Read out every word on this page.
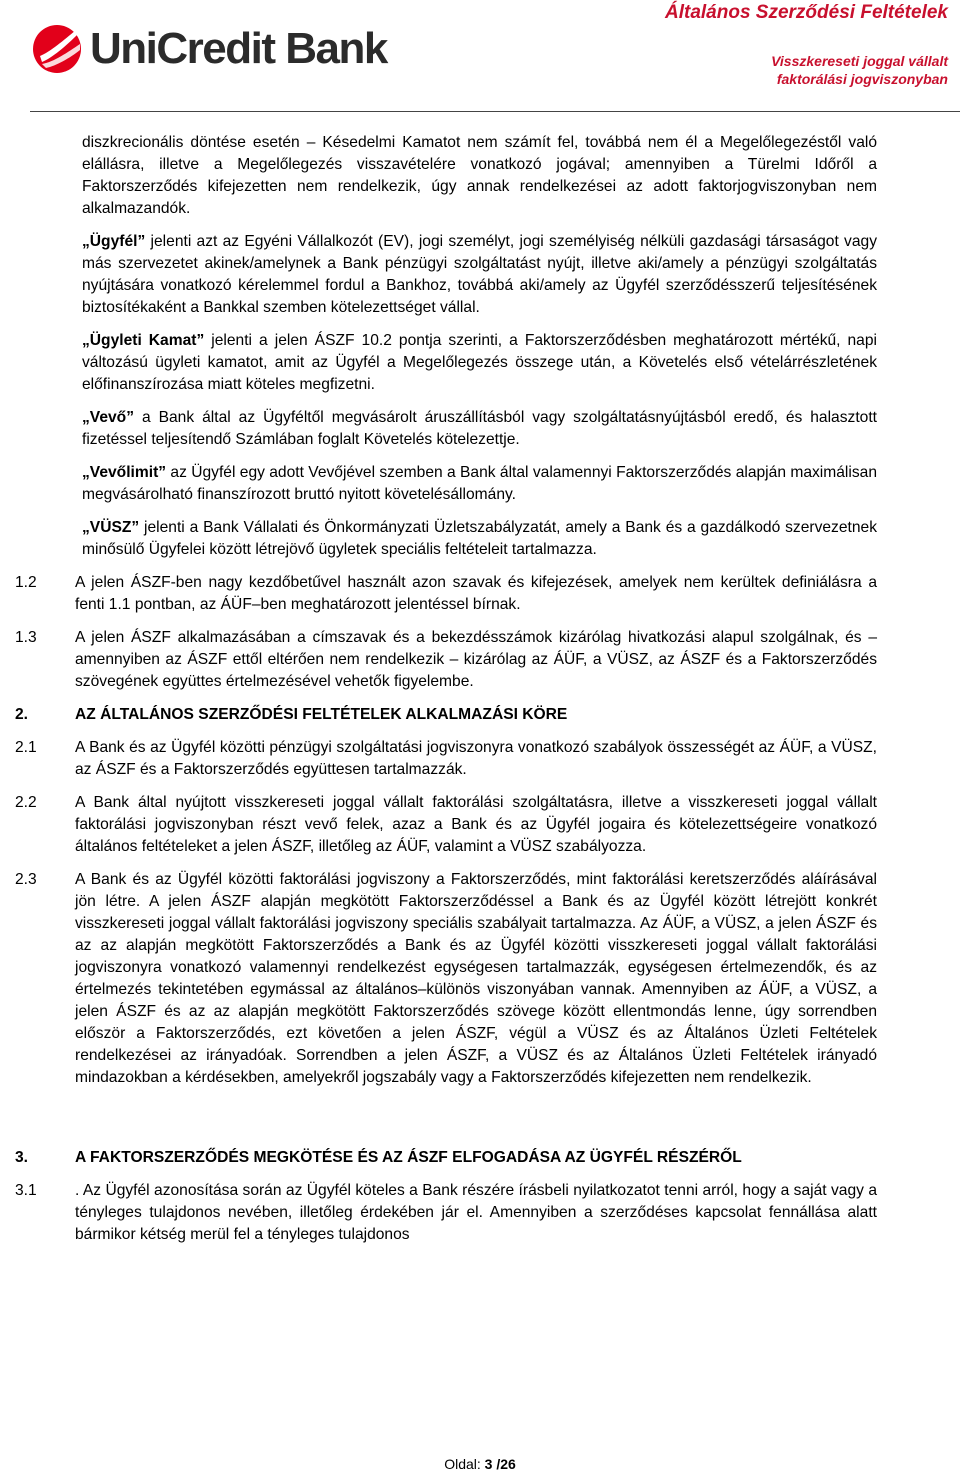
UniCredit Bank
Általános Szerződési Feltételek
Visszkereseti joggal vállalt
faktorálási jogviszonyban

diszkrecionális döntése esetén – Késedelmi Kamatot nem számít fel, továbbá nem él a Megelőlegezéstől való elállásra, illetve a Megelőlegezés visszavételére vonatkozó jogával; amennyiben a Türelmi Időről a Faktorszerződés kifejezetten nem rendelkezik, úgy annak rendelkezései az adott faktorjogviszonyban nem alkalmazandók.

„Ügyfél” jelenti azt az Egyéni Vállalkozót (EV), jogi személyt, jogi személyiség nélküli gazdasági társaságot vagy más szervezetet akinek/amelynek a Bank pénzügyi szolgáltatást nyújt, illetve aki/amely a pénzügyi szolgáltatás nyújtására vonatkozó kérelemmel fordul a Bankhoz, továbbá aki/amely az Ügyfél szerződésszerű teljesítésének biztosítékaként a Bankkal szemben kötelezettséget vállal.

„Ügyleti Kamat” jelenti a jelen ÁSZF 10.2 pontja szerinti, a Faktorszerződésben meghatározott mértékű, napi változású ügyleti kamatot, amit az Ügyfél a Megelőlegezés összege után, a Követelés első vételárrészletének előfinanszírozása miatt köteles megfizetni.

„Vevő” a Bank által az Ügyféltől megvásárolt áruszállításból vagy szolgáltatásnyújtásból eredő, és halasztott fizetéssel teljesítendő Számlában foglalt Követelés kötelezettje.

„Vevőlimit” az Ügyfél egy adott Vevőjével szemben a Bank által valamennyi Faktorszerződés alapján maximálisan megvásárolható finanszírozott bruttó nyitott követelésállomány.

„VÜSZ” jelenti a Bank Vállalati és Önkormányzati Üzletszabályzatát, amely a Bank és a gazdálkodó szervezetnek minősülő Ügyfelei között létrejövő ügyletek speciális feltételeit tartalmazza.

1.2 A jelen ÁSZF-ben nagy kezdőbetűvel használt azon szavak és kifejezések, amelyek nem kerültek definiálásra a fenti 1.1 pontban, az ÁÜF–ben meghatározott jelentéssel bírnak.

1.3 A jelen ÁSZF alkalmazásában a címszavak és a bekezdésszámok kizárólag hivatkozási alapul szolgálnak, és – amennyiben az ÁSZF ettől eltérően nem rendelkezik – kizárólag az ÁÜF, a VÜSZ, az ÁSZF és a Faktorszerződés szövegének együttes értelmezésével vehetők figyelembe.

2.	AZ ÁLTALÁNOS SZERZŐDÉSI FELTÉTELEK ALKALMAZÁSI KÖRE

2.1 A Bank és az Ügyfél közötti pénzügyi szolgáltatási jogviszonyra vonatkozó szabályok összességét az ÁÜF, a VÜSZ, az ÁSZF és a Faktorszerződés együttesen tartalmazzák.

2.2 A Bank által nyújtott visszkereseti joggal vállalt faktorálási szolgáltatásra, illetve a visszkereseti joggal vállalt faktorálási jogviszonyban részt vevő felek, azaz a Bank és az Ügyfél jogaira és kötelezettségeire vonatkozó általános feltételeket a jelen ÁSZF, illetőleg az ÁÜF, valamint a VÜSZ szabályozza.

2.3 A Bank és az Ügyfél közötti faktorálási jogviszony a Faktorszerződés, mint faktorálási keretszerződés aláírásával jön létre. A jelen ÁSZF alapján megkötött Faktorszerződéssel a Bank és az Ügyfél között létrejött konkrét visszkereseti joggal vállalt faktorálási jogviszony speciális szabályait tartalmazza. Az ÁÜF, a VÜSZ, a jelen ÁSZF és az az alapján megkötött Faktorszerződés a Bank és az Ügyfél közötti visszkereseti joggal vállalt faktorálási jogviszonyra vonatkozó valamennyi rendelkezést egységesen tartalmazzák, egységesen értelmezendők, és az értelmezés tekintetében egymással az általános–különös viszonyában vannak. Amennyiben az ÁÜF, a VÜSZ, a jelen ÁSZF és az az alapján megkötött Faktorszerződés szövege között ellentmondás lenne, úgy sorrendben először a Faktorszerződés, ezt követően a jelen ÁSZF, végül a VÜSZ és az Általános Üzleti Feltételek rendelkezései az irányadóak. Sorrendben a jelen ÁSZF, a VÜSZ és az Általános Üzleti Feltételek irányadó mindazokban a kérdésekben, amelyekről jogszabály vagy a Faktorszerződés kifejezetten nem rendelkezik.

3.	A FAKTORSZERZŐDÉS MEGKÖTÉSE ÉS AZ ÁSZF ELFOGADÁSA AZ ÜGYFÉL RÉSZÉRŐL

3.1 . Az Ügyfél azonosítása során az Ügyfél köteles a Bank részére írásbeli nyilatkozatot tenni arról, hogy a saját vagy a tényleges tulajdonos nevében, illetőleg érdekében jár el. Amennyiben a szerződéses kapcsolat fennállása alatt bármikor kétség merül fel a tényleges tulajdonos

Oldal: 3 /26
